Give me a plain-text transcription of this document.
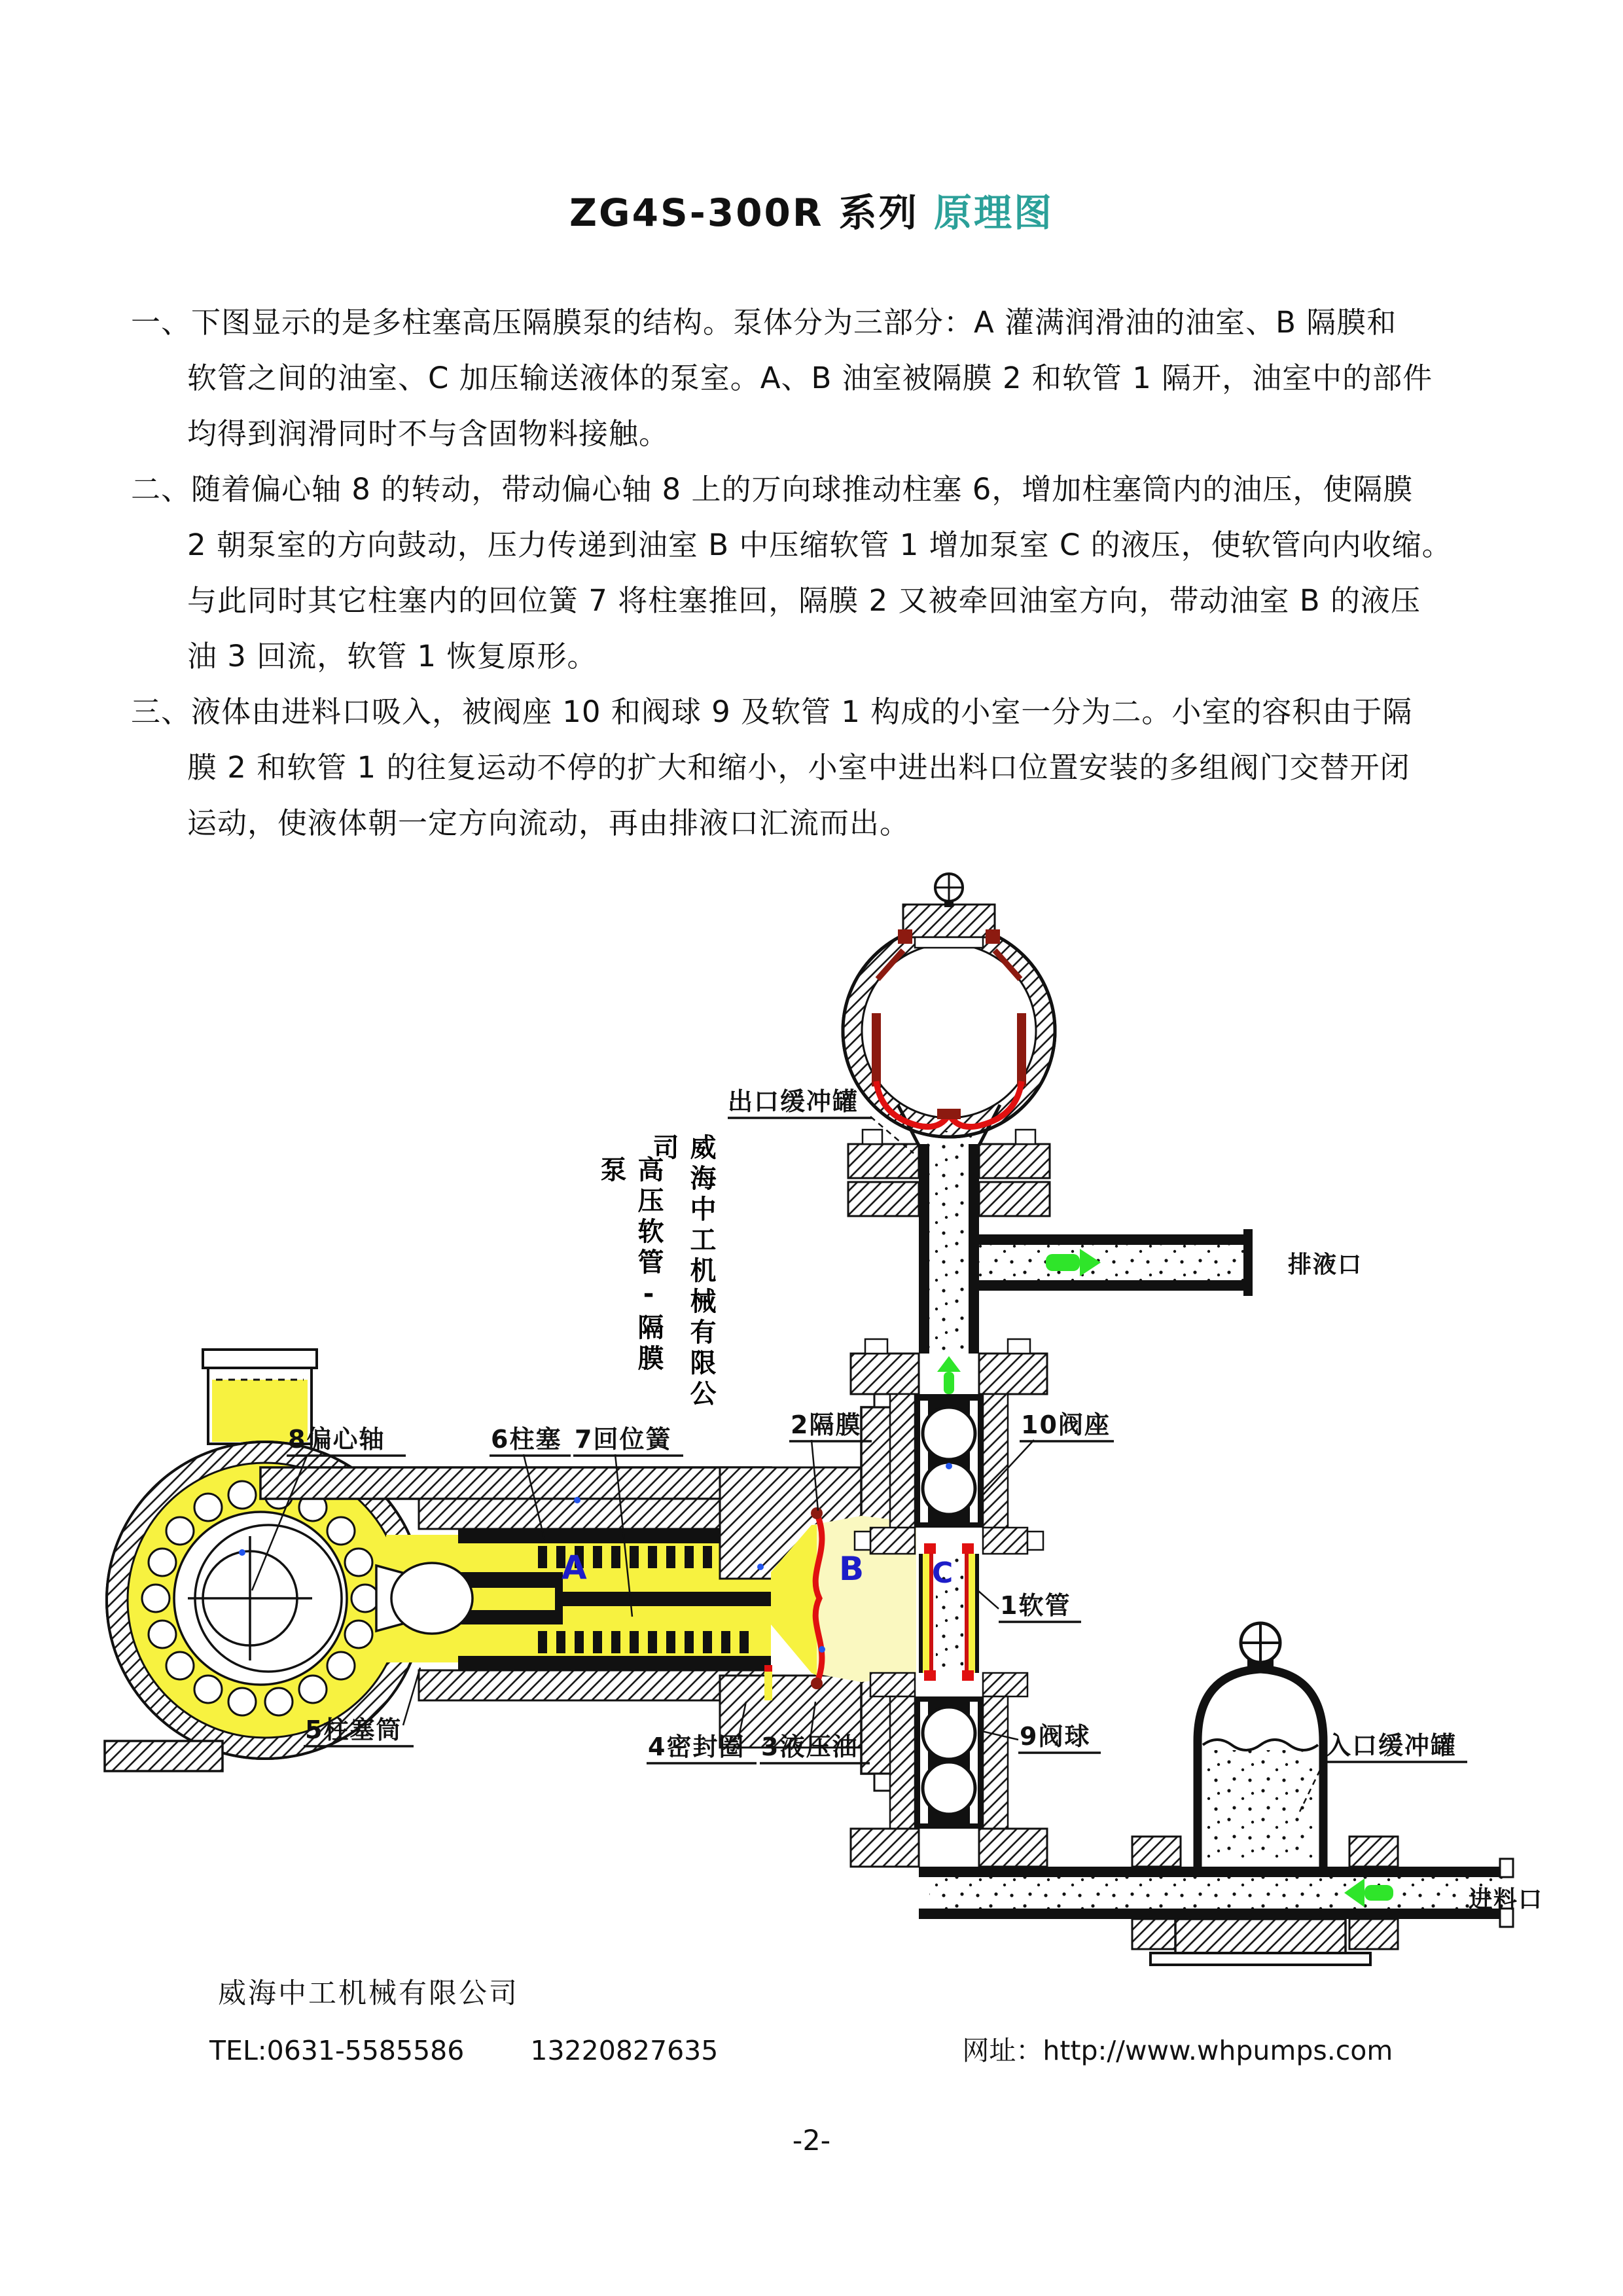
ZG4S-300R 系列 原理图
一、下图显示的是多柱塞高压隔膜泵的结构。泵体分为三部分：A 灌满润滑油的油室、B 隔膜和
软管之间的油室、C 加压输送液体的泵室。A、B 油室被隔膜 2 和软管 1 隔开，油室中的部件
均得到润滑同时不与含固物料接触。
二、随着偏心轴 8 的转动，带动偏心轴 8 上的万向球推动柱塞 6，增加柱塞筒内的油压，使隔膜
2 朝泵室的方向鼓动，压力传递到油室 B 中压缩软管 1 增加泵室 C 的液压，使软管向内收缩。
与此同时其它柱塞内的回位簧 7 将柱塞推回，隔膜 2 又被牵回油室方向，带动油室 B 的液压
油 3 回流，软管 1 恢复原形。
三、液体由进料口吸入，被阀座 10 和阀球 9 及软管 1 构成的小室一分为二。小室的容积由于隔
膜 2 和软管 1 的往复运动不停的扩大和缩小，小室中进出料口位置安装的多组阀门交替开闭
运动，使液体朝一定方向流动，再由排液口汇流而出。
出口缓冲罐
排液口
8偏心轴	6柱塞 7回位簧	2隔膜	10阀座
1软管
9阀球
5柱塞筒
4密封圈 3液压油	入口缓冲罐
进料口
A	B C
威海中工机械有限公司
高压软管-隔膜泵
威海中工机械有限公司
TEL:0631-5585586 13220827635	网址：http://www.whpumps.com
-2-
